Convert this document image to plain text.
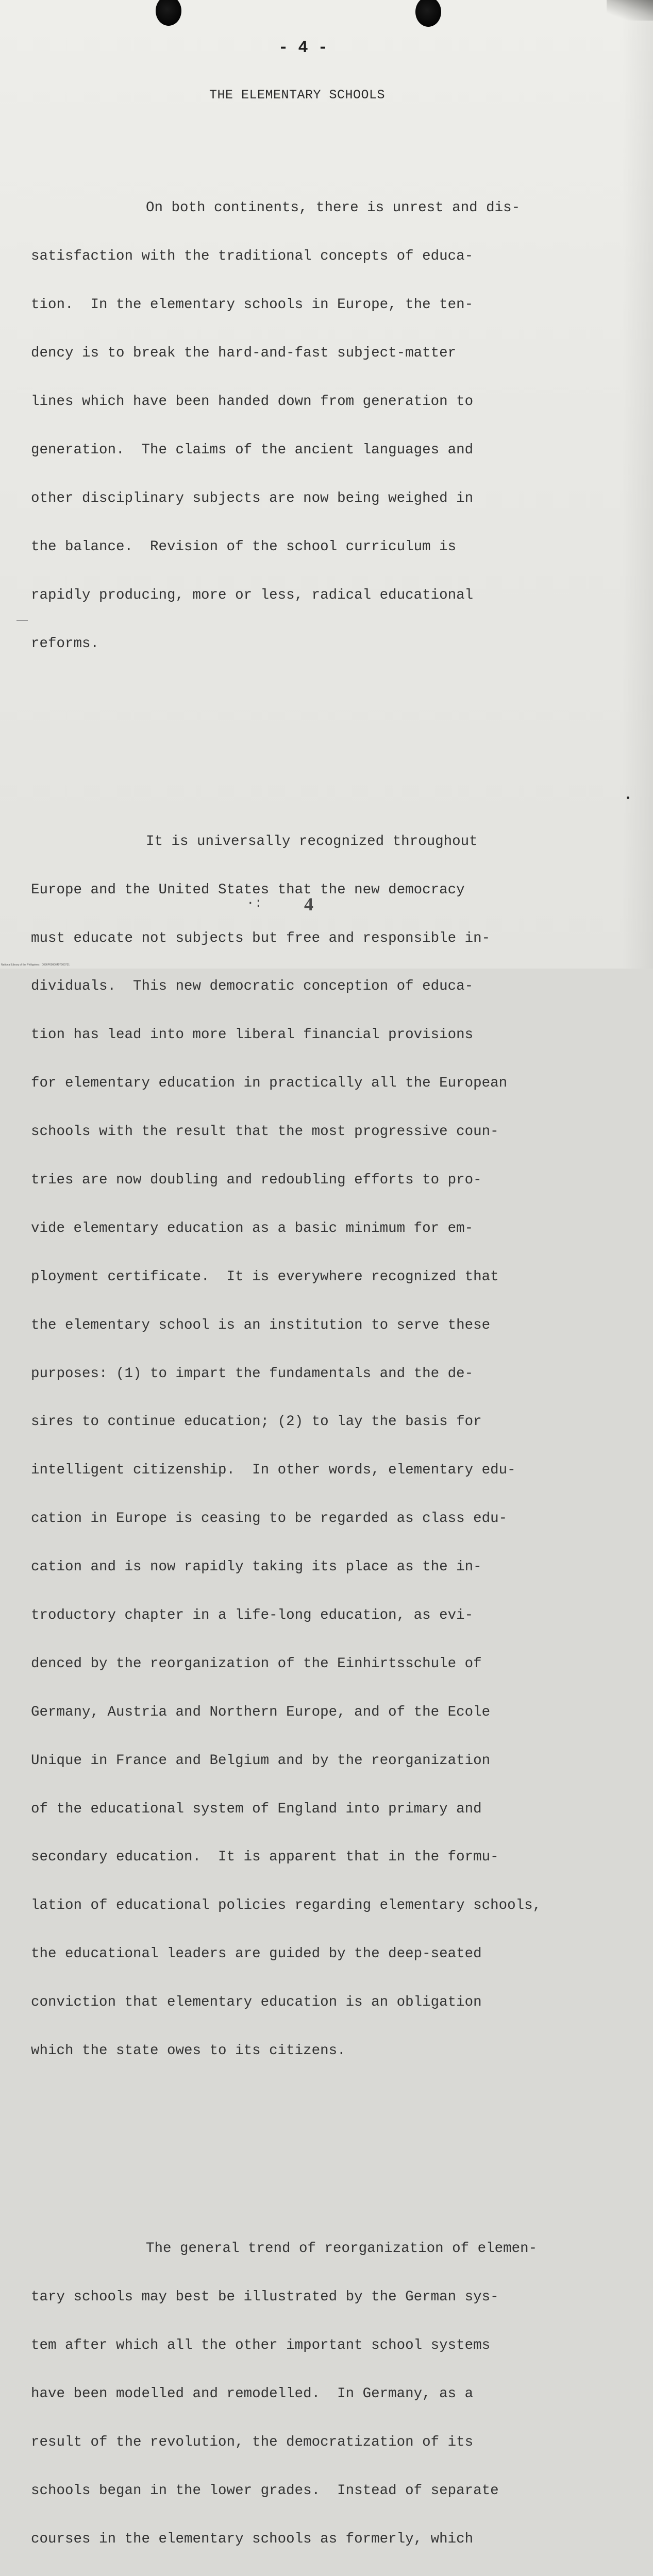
- 4 -
THE ELEMENTARY SCHOOLS

On both continents, there is unrest and dis-

satisfaction with the traditional concepts of educa-

tion.  In the elementary schools in Europe, the ten-

dency is to break the hard-and-fast subject-matter

lines which have been handed down from generation to

generation.  The claims of the ancient languages and

other disciplinary subjects are now being weighed in

the balance.  Revision of the school curriculum is

rapidly producing, more or less, radical educational

reforms.

It is universally recognized throughout

Europe and the United States that the new democracy

must educate not subjects but free and responsible in-

dividuals.  This new democratic conception of educa-

tion has lead into more liberal financial provisions

for elementary education in practically all the European

schools with the result that the most progressive coun-

tries are now doubling and redoubling efforts to pro-

vide elementary education as a basic minimum for em-

ployment certificate.  It is everywhere recognized that

the elementary school is an institution to serve these

purposes: (1) to impart the fundamentals and the de-

sires to continue education; (2) to lay the basis for

intelligent citizenship.  In other words, elementary edu-

cation in Europe is ceasing to be regarded as class edu-

cation and is now rapidly taking its place as the in-

troductory chapter in a life-long education, as evi-

denced by the reorganization of the Einhirtsschule of

Germany, Austria and Northern Europe, and of the Ecole

Unique in France and Belgium and by the reorganization

of the educational system of England into primary and

secondary education.  It is apparent that in the formu-

lation of educational policies regarding elementary schools,

the educational leaders are guided by the deep-seated

conviction that elementary education is an obligation

which the state owes to its citizens.

The general trend of reorganization of elemen-

tary schools may best be illustrated by the German sys-

tem after which all the other important school systems

have been modelled and remodelled.  In Germany, as a

result of the revolution, the democratization of its

schools began in the lower grades.  Instead of separate

courses in the elementary schools as formerly, which

·: 4
National Library of the Philippines   D036P0000640T000731
